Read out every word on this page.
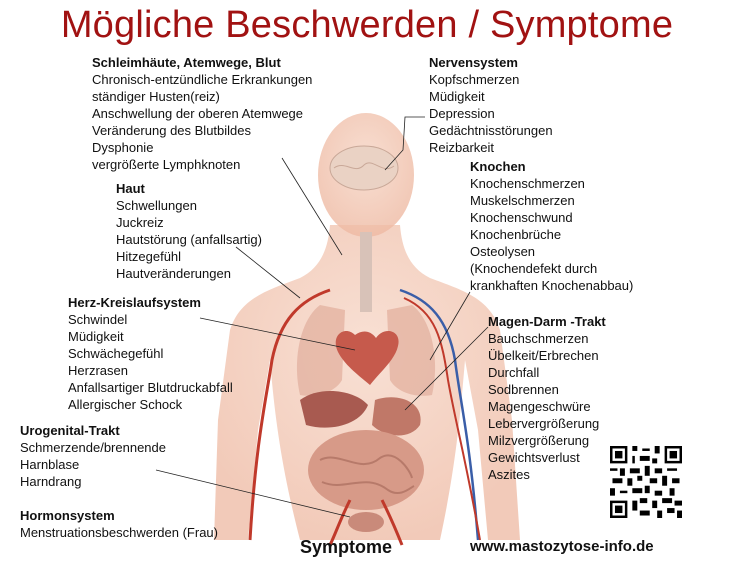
Mögliche Beschwerden / Symptome
Schleimhäute, Atemwege, Blut
Chronisch-entzündliche Erkrankungen
ständiger Husten(reiz)
Anschwellung der oberen Atemwege
Veränderung des Blutbildes
Dysphonie
vergrößerte Lymphknoten
Haut
Schwellungen
Juckreiz
Hautstörung (anfallsartig)
Hitzegefühl
Hautveränderungen
Herz-Kreislaufsystem
Schwindel
Müdigkeit
Schwächegefühl
Herzrasen
Anfallsartiger Blutdruckabfall
Allergischer Schock
Urogenital-Trakt
Schmerzende/brennende
Harnblase
Harndrang
Hormonsystem
Menstruationsbeschwerden (Frau)
Nervensystem
Kopfschmerzen
Müdigkeit
Depression
Gedächtnisstörungen
Reizbarkeit
Knochen
Knochenschmerzen
Muskelschmerzen
Knochenschwund
Knochenbrüche
Osteolysen
(Knochendefekt durch
krankhaften Knochenabbau)
Magen-Darm -Trakt
Bauchschmerzen
Übelkeit/Erbrechen
Durchfall
Sodbrennen
Magengeschwüre
Lebervergrößerung
Milzvergrößerung
Gewichtsverlust
Aszites
Symptome	www.mastozytose-info.de
